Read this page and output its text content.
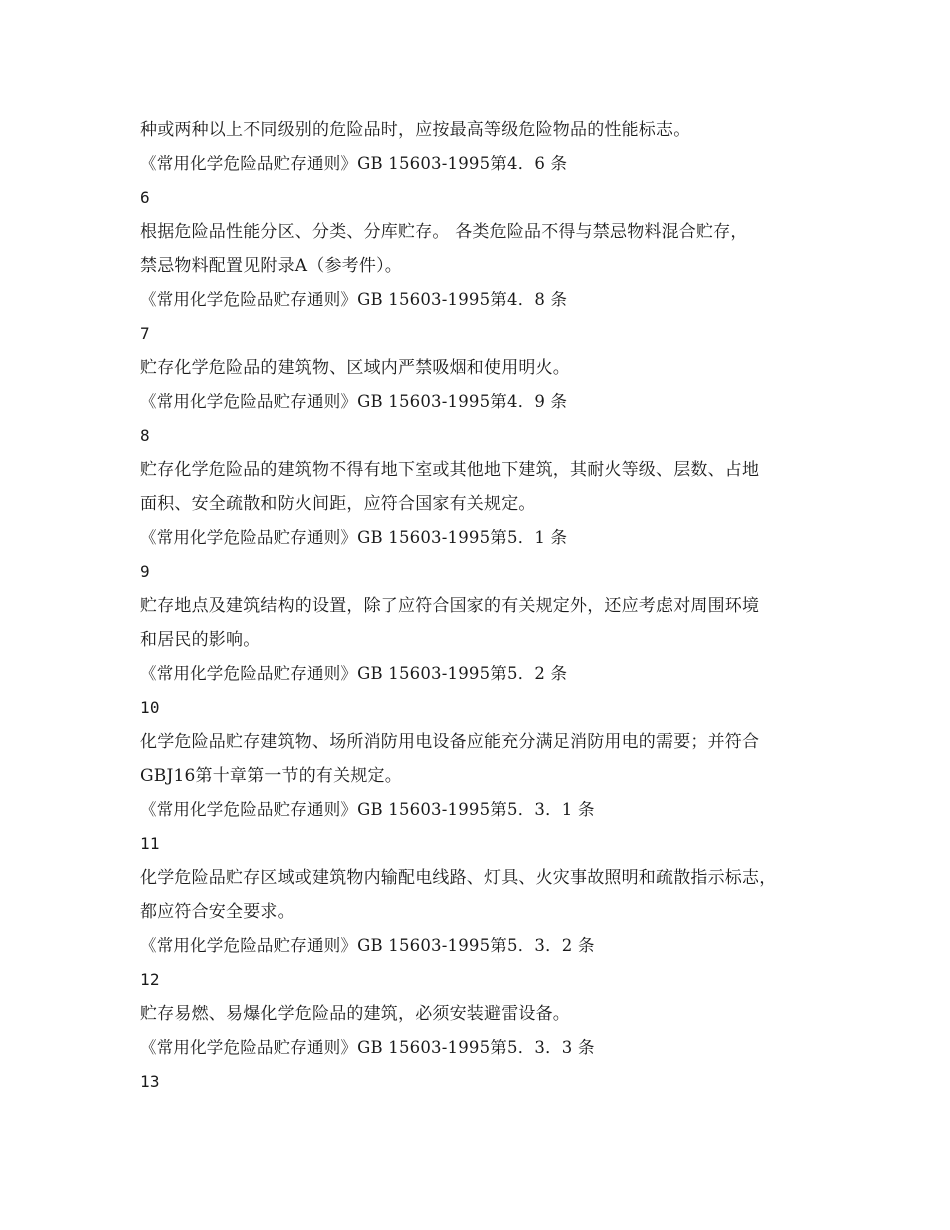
种或两种以上不同级别的危险品时，应按最高等级危险物品的性能标志。
《常用化学危险品贮存通则》GB 15603-1995第4．6 条
6
根据危险品性能分区、分类、分库贮存。 各类危险品不得与禁忌物料混合贮存，
禁忌物料配置见附录A（参考件）。
《常用化学危险品贮存通则》GB 15603-1995第4．8 条
7
贮存化学危险品的建筑物、区域内严禁吸烟和使用明火。
《常用化学危险品贮存通则》GB 15603-1995第4．9 条
8
贮存化学危险品的建筑物不得有地下室或其他地下建筑，其耐火等级、层数、占地
面积、安全疏散和防火间距，应符合国家有关规定。
《常用化学危险品贮存通则》GB 15603-1995第5．1 条
9
贮存地点及建筑结构的设置，除了应符合国家的有关规定外，还应考虑对周围环境
和居民的影响。
《常用化学危险品贮存通则》GB 15603-1995第5．2 条
10
化学危险品贮存建筑物、场所消防用电设备应能充分满足消防用电的需要；并符合
GBJ16第十章第一节的有关规定。
《常用化学危险品贮存通则》GB 15603-1995第5．3．1 条
11
化学危险品贮存区域或建筑物内输配电线路、灯具、火灾事故照明和疏散指示标志，
都应符合安全要求。
《常用化学危险品贮存通则》GB 15603-1995第5．3．2 条
12
贮存易燃、易爆化学危险品的建筑，必须安装避雷设备。
《常用化学危险品贮存通则》GB 15603-1995第5．3．3 条
13
